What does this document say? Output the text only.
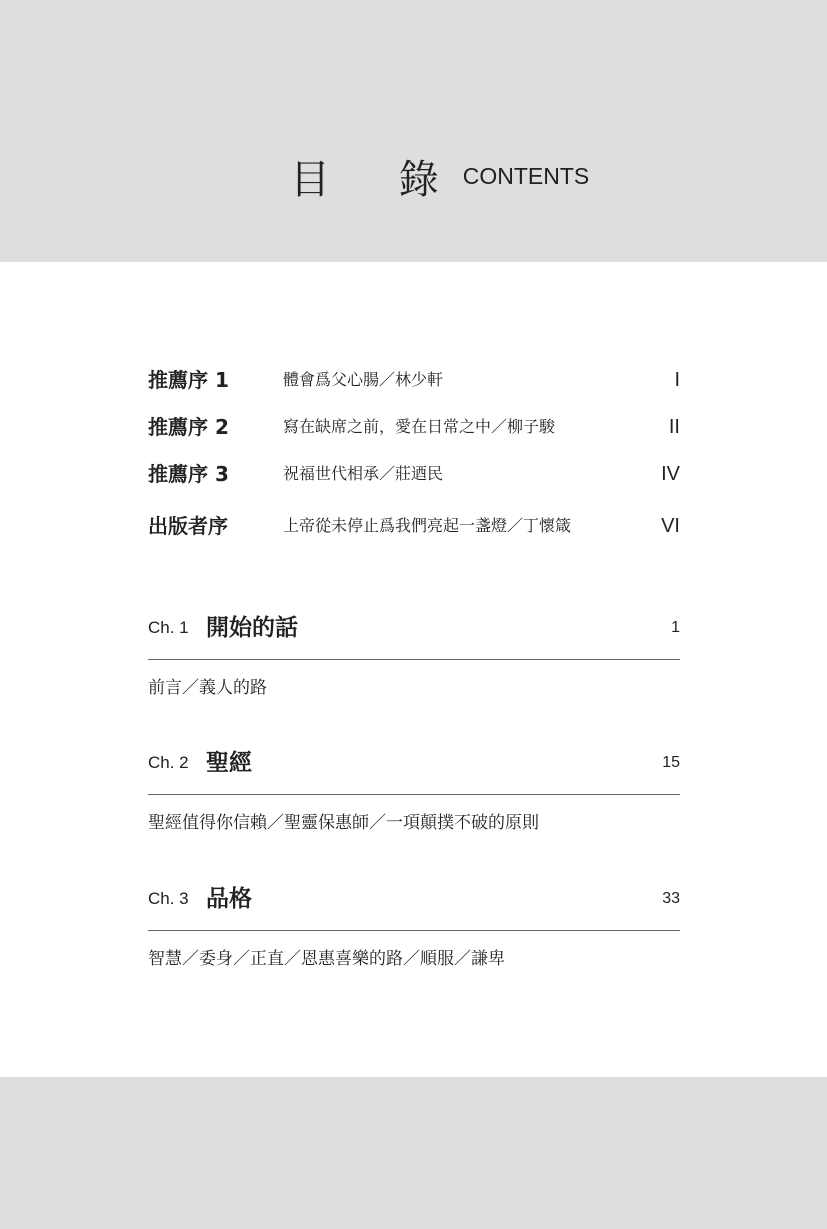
目 錄
CONTENTS
推薦序 1	體會爲父心腸／林少軒	I
推薦序 2	寫在缺席之前，愛在日常之中／柳子駿	II
推薦序 3	祝福世代相承／莊迺民	IV
出版者序	上帝從未停止爲我們亮起一盞燈／丁懷箴	VI
Ch. 1 開始的話	1
前言／義人的路
Ch. 2 聖經	15
聖經值得你信賴／聖靈保惠師／一項顛撲不破的原則
Ch. 3 品格	33
智慧／委身／正直／恩惠喜樂的路／順服／謙卑
